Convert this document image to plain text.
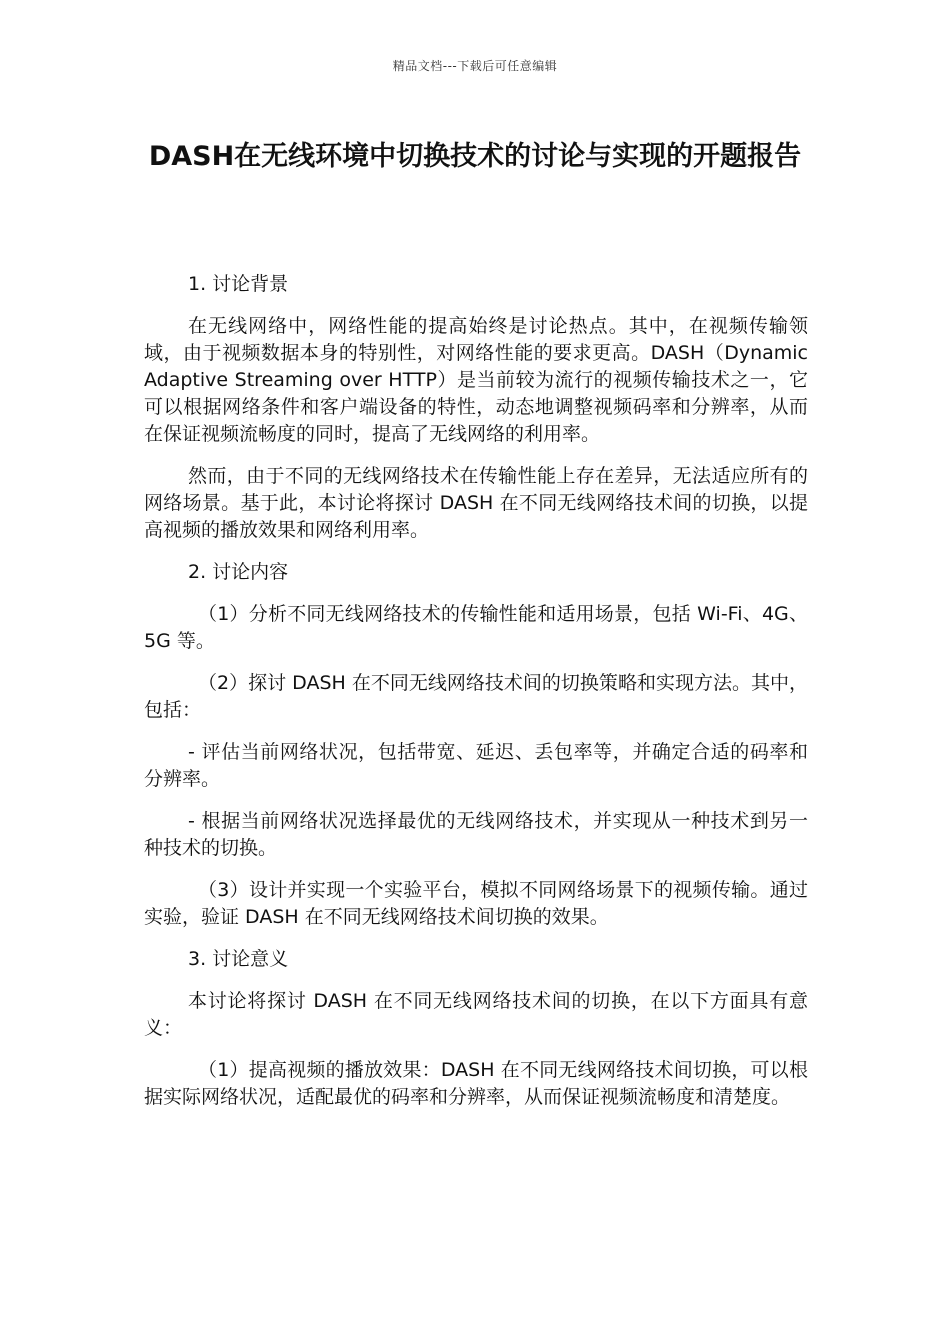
精品文档---下载后可任意编辑
DASH在无线环境中切换技术的讨论与实现的开题报告

1. 讨论背景

在无线网络中，网络性能的提高始终是讨论热点。其中，在视频传输领域，由于视频数据本身的特别性，对网络性能的要求更高。DASH（Dynamic Adaptive Streaming over HTTP）是当前较为流行的视频传输技术之一，它可以根据网络条件和客户端设备的特性，动态地调整视频码率和分辨率，从而在保证视频流畅度的同时，提高了无线网络的利用率。

然而，由于不同的无线网络技术在传输性能上存在差异，无法适应所有的网络场景。基于此，本讨论将探讨 DASH 在不同无线网络技术间的切换，以提高视频的播放效果和网络利用率。

2. 讨论内容

（1）分析不同无线网络技术的传输性能和适用场景，包括 Wi-Fi、4G、5G 等。

（2）探讨 DASH 在不同无线网络技术间的切换策略和实现方法。其中，包括：

- 评估当前网络状况，包括带宽、延迟、丢包率等，并确定合适的码率和分辨率。

- 根据当前网络状况选择最优的无线网络技术，并实现从一种技术到另一种技术的切换。

（3）设计并实现一个实验平台，模拟不同网络场景下的视频传输。通过实验，验证 DASH 在不同无线网络技术间切换的效果。

3. 讨论意义

本讨论将探讨 DASH 在不同无线网络技术间的切换，在以下方面具有意义：

（1）提高视频的播放效果：DASH 在不同无线网络技术间切换，可以根据实际网络状况，适配最优的码率和分辨率，从而保证视频流畅度和清楚度。
